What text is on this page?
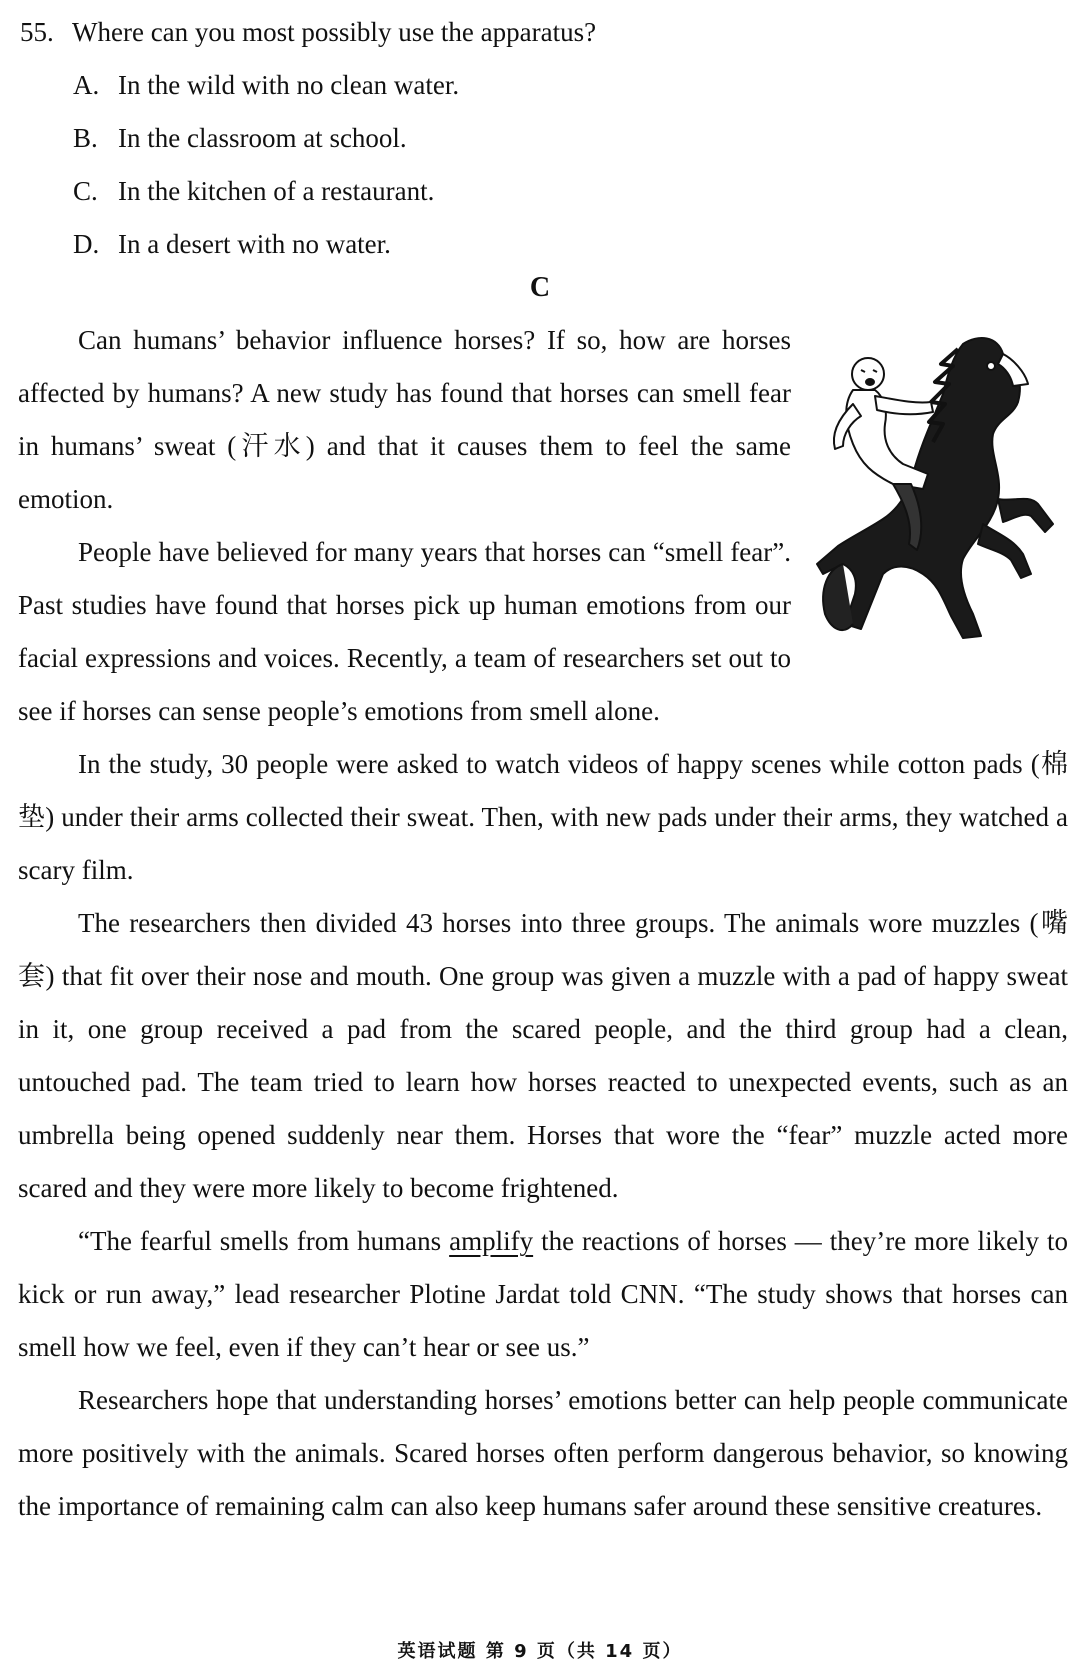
55. Where can you most possibly use the apparatus?
A. In the wild with no clean water.
B. In the classroom at school.
C. In the kitchen of a restaurant.
D. In a desert with no water.
C

Can humans’ behavior influence horses? If so, how are horses affected by humans? A new study has found that horses can smell fear in humans’ sweat (汗水) and that it causes them to feel the same emotion.

People have believed for many years that horses can “smell fear”. Past studies have found that horses pick up human emotions from our facial expressions and voices. Recently, a team of researchers set out to see if horses can sense people’s emotions from smell alone.

In the study, 30 people were asked to watch videos of happy scenes while cotton pads (棉垫) under their arms collected their sweat. Then, with new pads under their arms, they watched a scary film.

The researchers then divided 43 horses into three groups. The animals wore muzzles (嘴套) that fit over their nose and mouth. One group was given a muzzle with a pad of happy sweat in it, one group received a pad from the scared people, and the third group had a clean, untouched pad. The team tried to learn how horses reacted to unexpected events, such as an umbrella being opened suddenly near them. Horses that wore the “fear” muzzle acted more scared and they were more likely to become frightened.

“The fearful smells from humans amplify the reactions of horses — they’re more likely to kick or run away,” lead researcher Plotine Jardat told CNN. “The study shows that horses can smell how we feel, even if they can’t hear or see us.”

Researchers hope that understanding horses’ emotions better can help people communicate more positively with the animals. Scared horses often perform dangerous behavior, so knowing the importance of remaining calm can also keep humans safer around these sensitive creatures.

英语试题 第 9 页（共 14 页）
